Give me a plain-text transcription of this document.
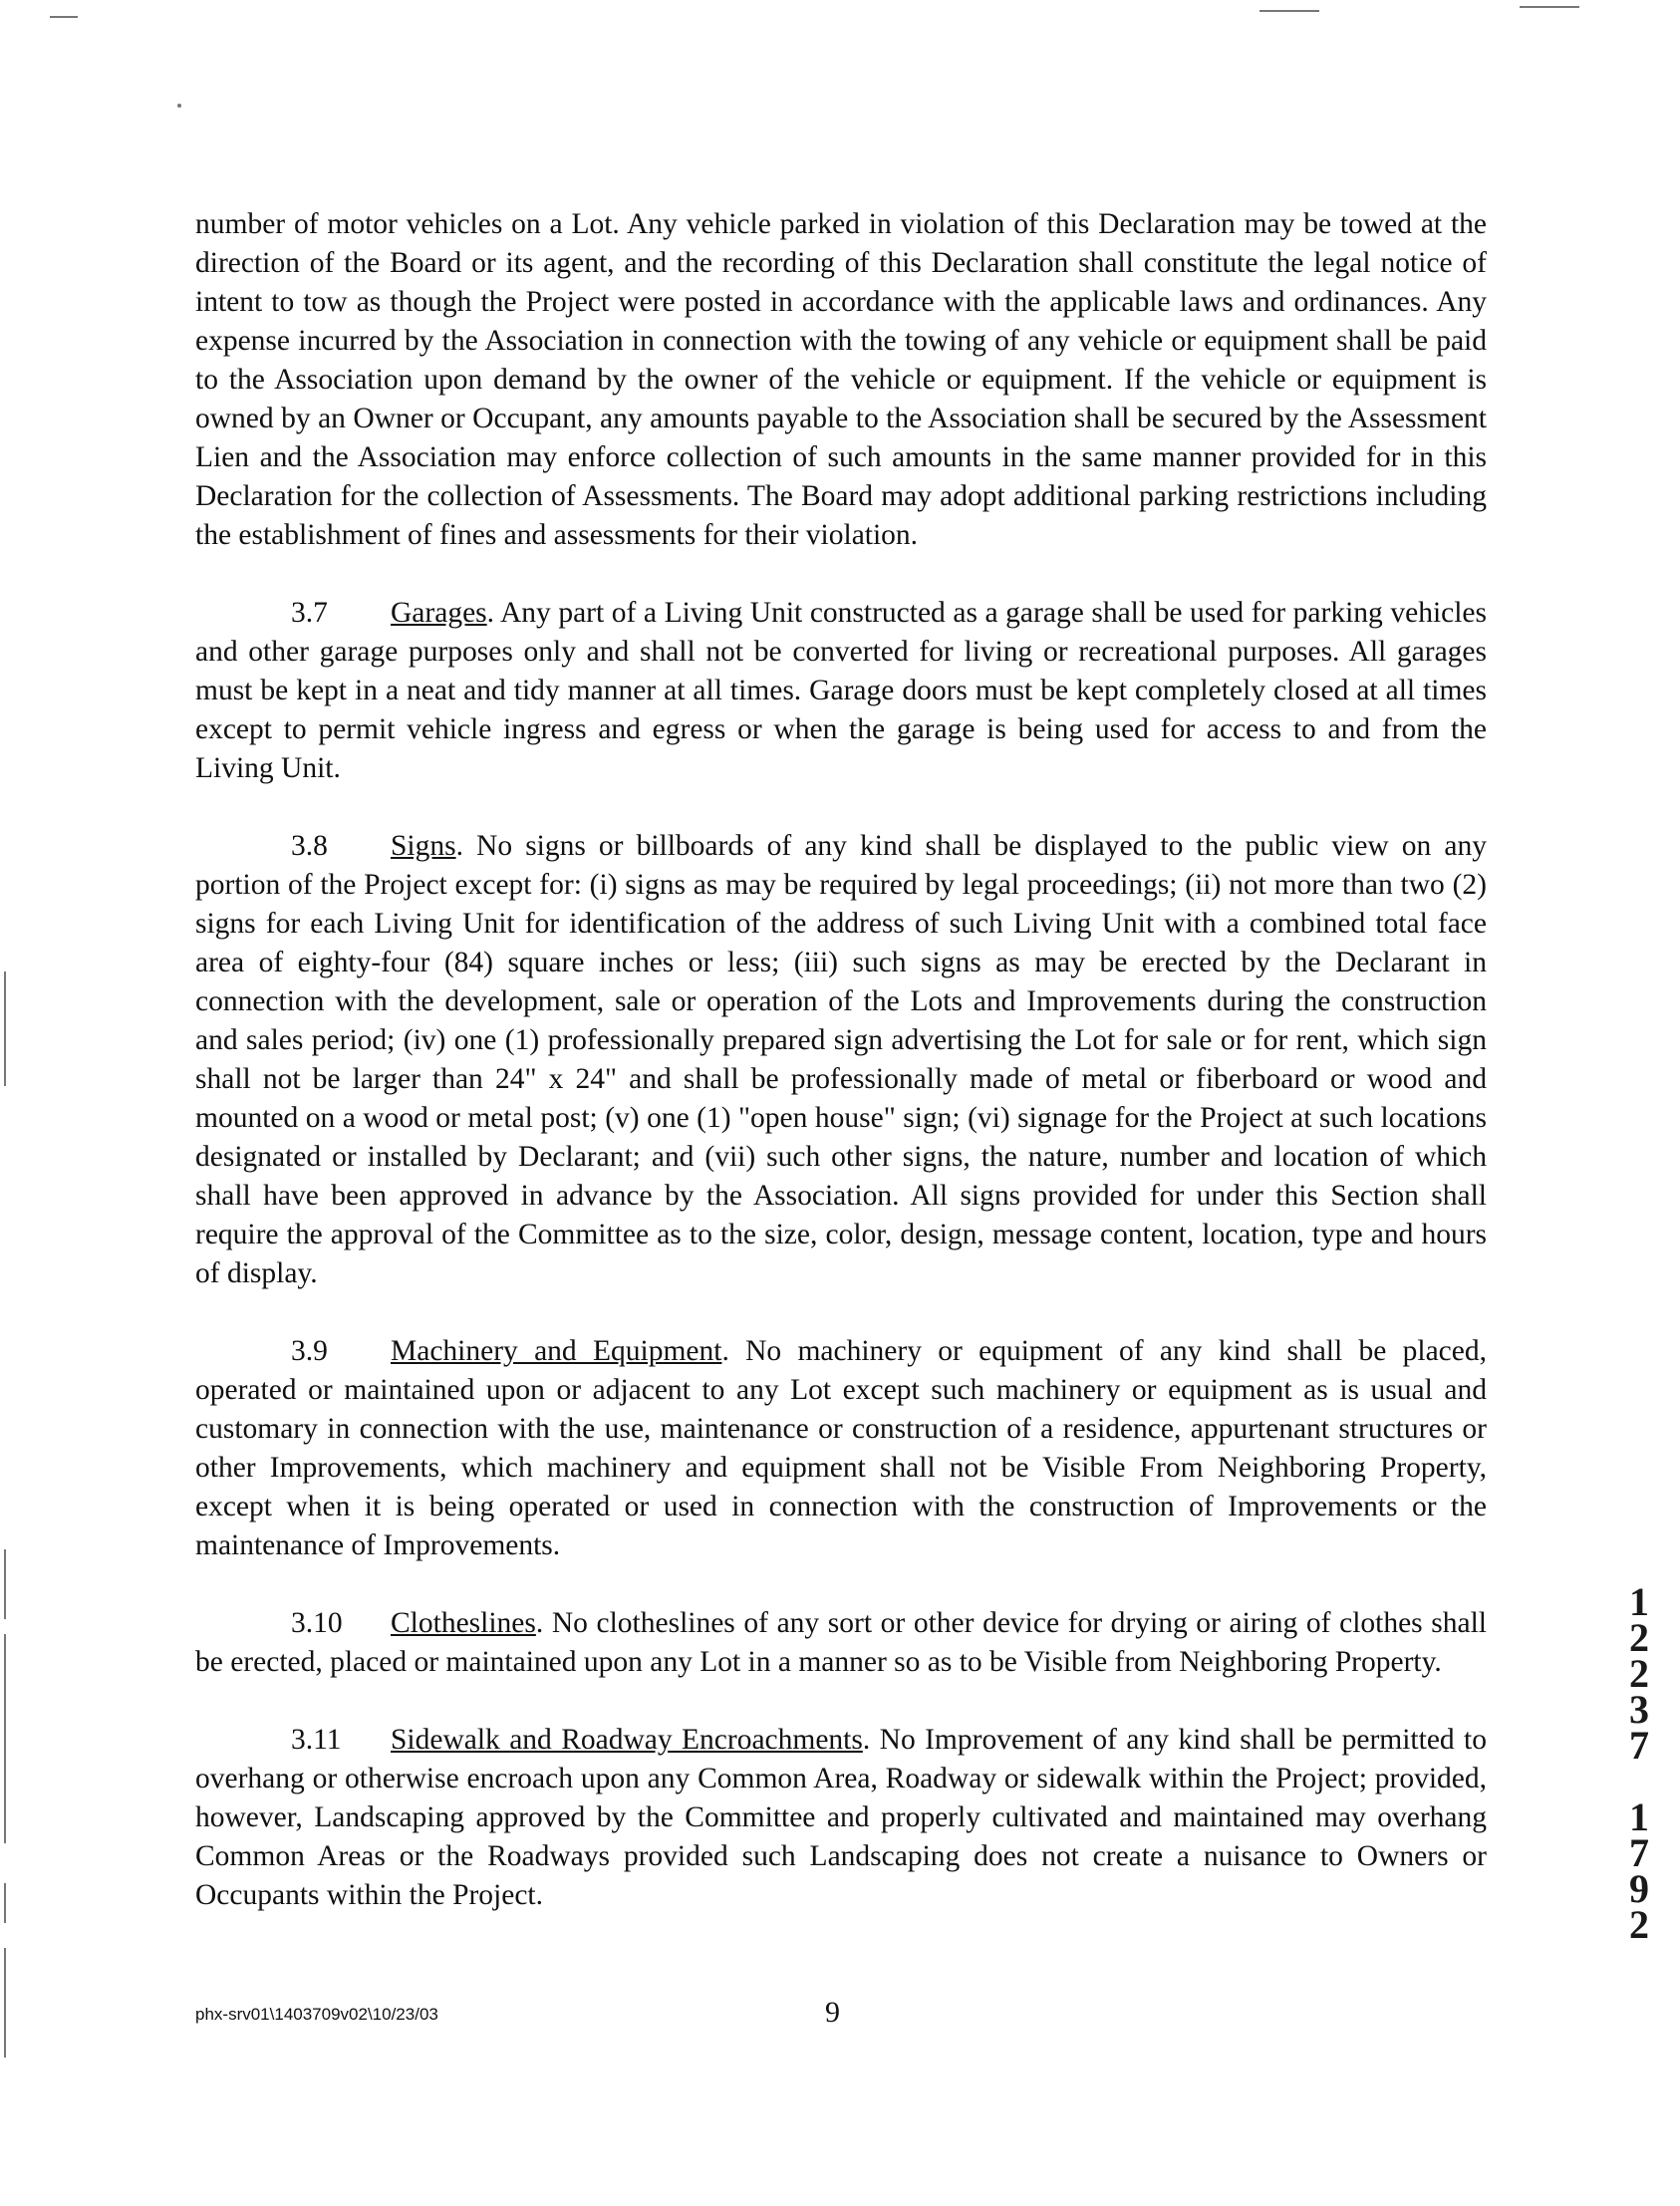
number of motor vehicles on a Lot. Any vehicle parked in violation of this Declaration may be towed at the direction of the Board or its agent, and the recording of this Declaration shall constitute the legal notice of intent to tow as though the Project were posted in accordance with the applicable laws and ordinances. Any expense incurred by the Association in connection with the towing of any vehicle or equipment shall be paid to the Association upon demand by the owner of the vehicle or equipment. If the vehicle or equipment is owned by an Owner or Occupant, any amounts payable to the Association shall be secured by the Assessment Lien and the Association may enforce collection of such amounts in the same manner provided for in this Declaration for the collection of Assessments. The Board may adopt additional parking restrictions including the establishment of fines and assessments for their violation.

3.7 Garages. Any part of a Living Unit constructed as a garage shall be used for parking vehicles and other garage purposes only and shall not be converted for living or recreational purposes. All garages must be kept in a neat and tidy manner at all times. Garage doors must be kept completely closed at all times except to permit vehicle ingress and egress or when the garage is being used for access to and from the Living Unit.

3.8 Signs. No signs or billboards of any kind shall be displayed to the public view on any portion of the Project except for: (i) signs as may be required by legal proceedings; (ii) not more than two (2) signs for each Living Unit for identification of the address of such Living Unit with a combined total face area of eighty-four (84) square inches or less; (iii) such signs as may be erected by the Declarant in connection with the development, sale or operation of the Lots and Improvements during the construction and sales period; (iv) one (1) professionally prepared sign advertising the Lot for sale or for rent, which sign shall not be larger than 24" x 24" and shall be professionally made of metal or fiberboard or wood and mounted on a wood or metal post; (v) one (1) "open house" sign; (vi) signage for the Project at such locations designated or installed by Declarant; and (vii) such other signs, the nature, number and location of which shall have been approved in advance by the Association. All signs provided for under this Section shall require the approval of the Committee as to the size, color, design, message content, location, type and hours of display.

3.9 Machinery and Equipment. No machinery or equipment of any kind shall be placed, operated or maintained upon or adjacent to any Lot except such machinery or equipment as is usual and customary in connection with the use, maintenance or construction of a residence, appurtenant structures or other Improvements, which machinery and equipment shall not be Visible From Neighboring Property, except when it is being operated or used in connection with the construction of Improvements or the maintenance of Improvements.

3.10 Clotheslines. No clotheslines of any sort or other device for drying or airing of clothes shall be erected, placed or maintained upon any Lot in a manner so as to be Visible from Neighboring Property.

3.11 Sidewalk and Roadway Encroachments. No Improvement of any kind shall be permitted to overhang or otherwise encroach upon any Common Area, Roadway or sidewalk within the Project; provided, however, Landscaping approved by the Committee and properly cultivated and maintained may overhang Common Areas or the Roadways provided such Landscaping does not create a nuisance to Owners or Occupants within the Project.

1
2
2
3
7
1
7
9
2
phx-srv01\1403709v02\10/23/03	9
